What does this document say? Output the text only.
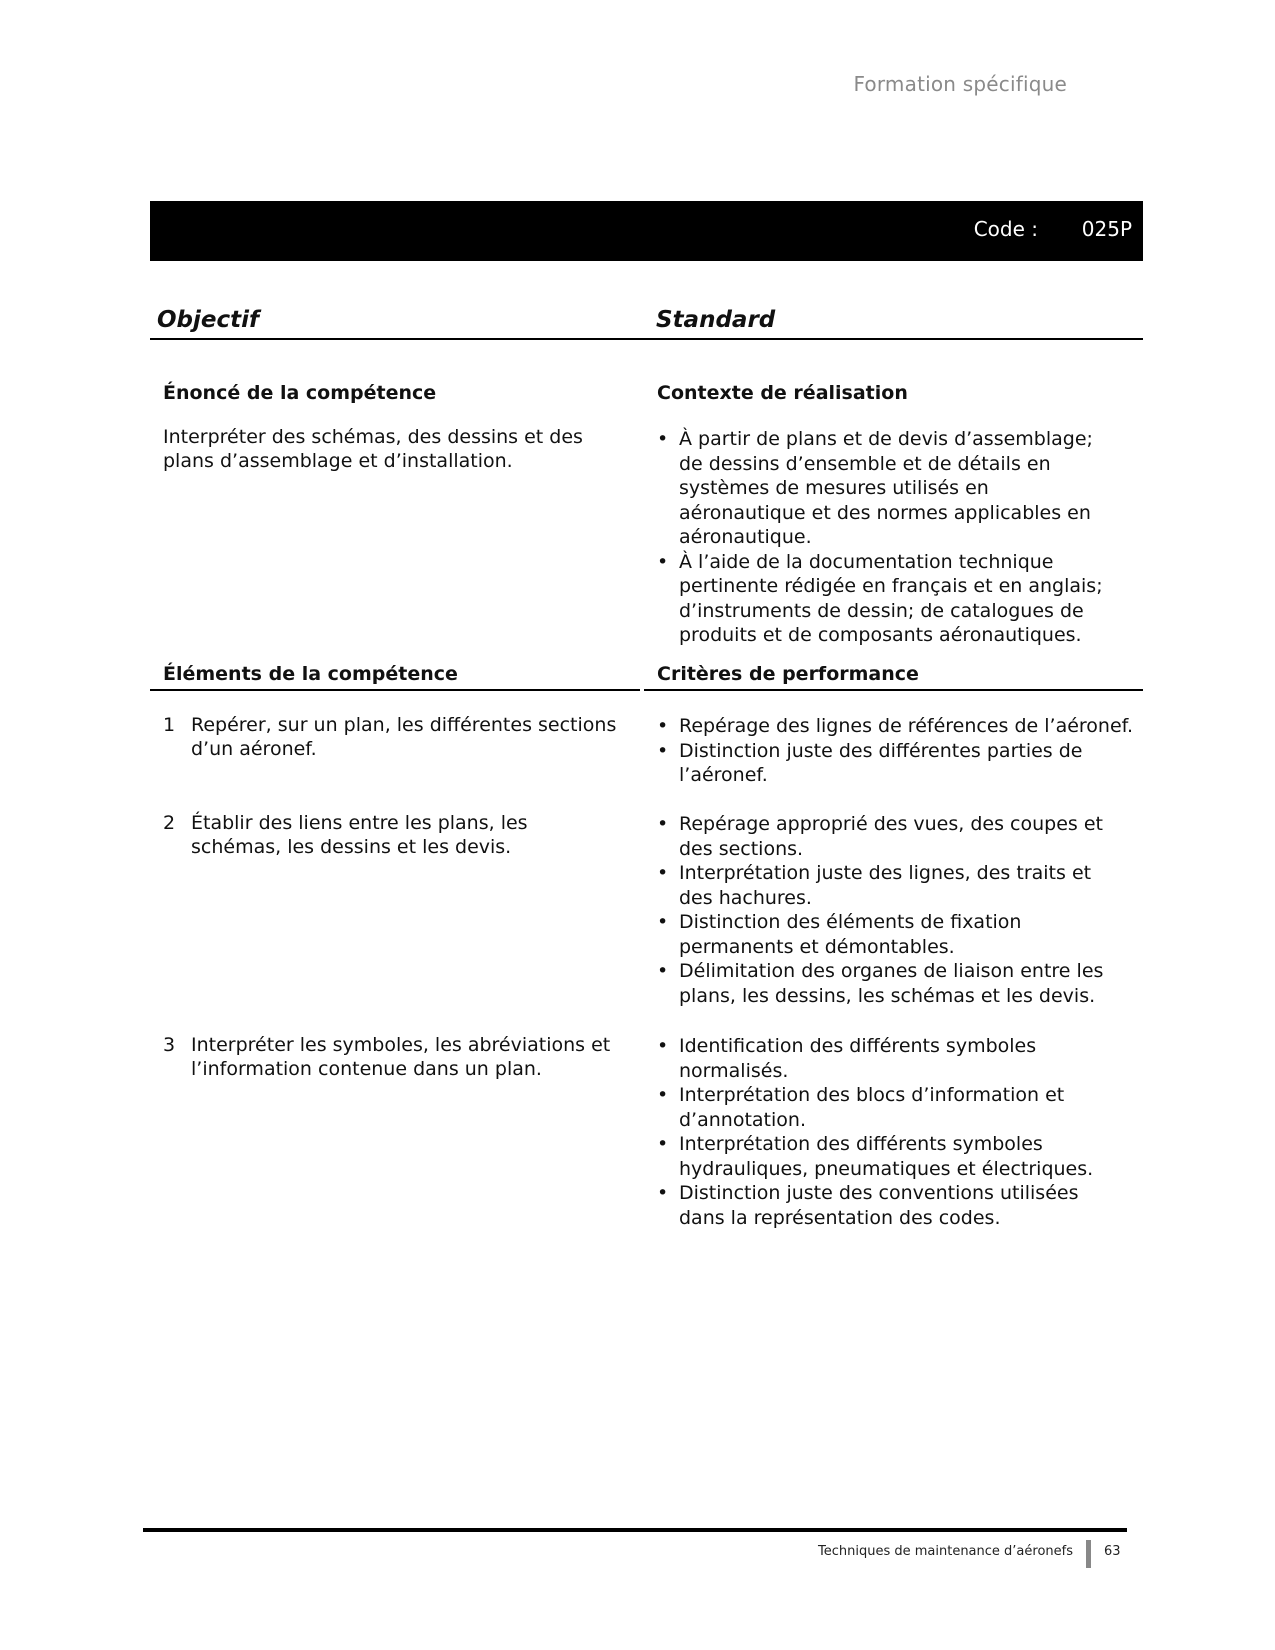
Formation spécifique
Code : 025P
Objectif	Standard
Énoncé de la compétence
Interpréter des schémas, des dessins et des plans d’assemblage et d’installation.
Contexte de réalisation
• À partir de plans et de devis d’assemblage; de dessins d’ensemble et de détails en systèmes de mesures utilisés en aéronautique et des normes applicables en aéronautique.
• À l’aide de la documentation technique pertinente rédigée en français et en anglais; d’instruments de dessin; de catalogues de produits et de composants aéronautiques.
Éléments de la compétence	Critères de performance
1 Repérer, sur un plan, les différentes sections d’un aéronef.
• Repérage des lignes de références de l’aéronef.
• Distinction juste des différentes parties de l’aéronef.
2 Établir des liens entre les plans, les schémas, les dessins et les devis.
• Repérage approprié des vues, des coupes et des sections.
• Interprétation juste des lignes, des traits et des hachures.
• Distinction des éléments de fixation permanents et démontables.
• Délimitation des organes de liaison entre les plans, les dessins, les schémas et les devis.
3 Interpréter les symboles, les abréviations et l’information contenue dans un plan.
• Identification des différents symboles normalisés.
• Interprétation des blocs d’information et d’annotation.
• Interprétation des différents symboles hydrauliques, pneumatiques et électriques.
• Distinction juste des conventions utilisées dans la représentation des codes.
Techniques de maintenance d’aéronefs 63
